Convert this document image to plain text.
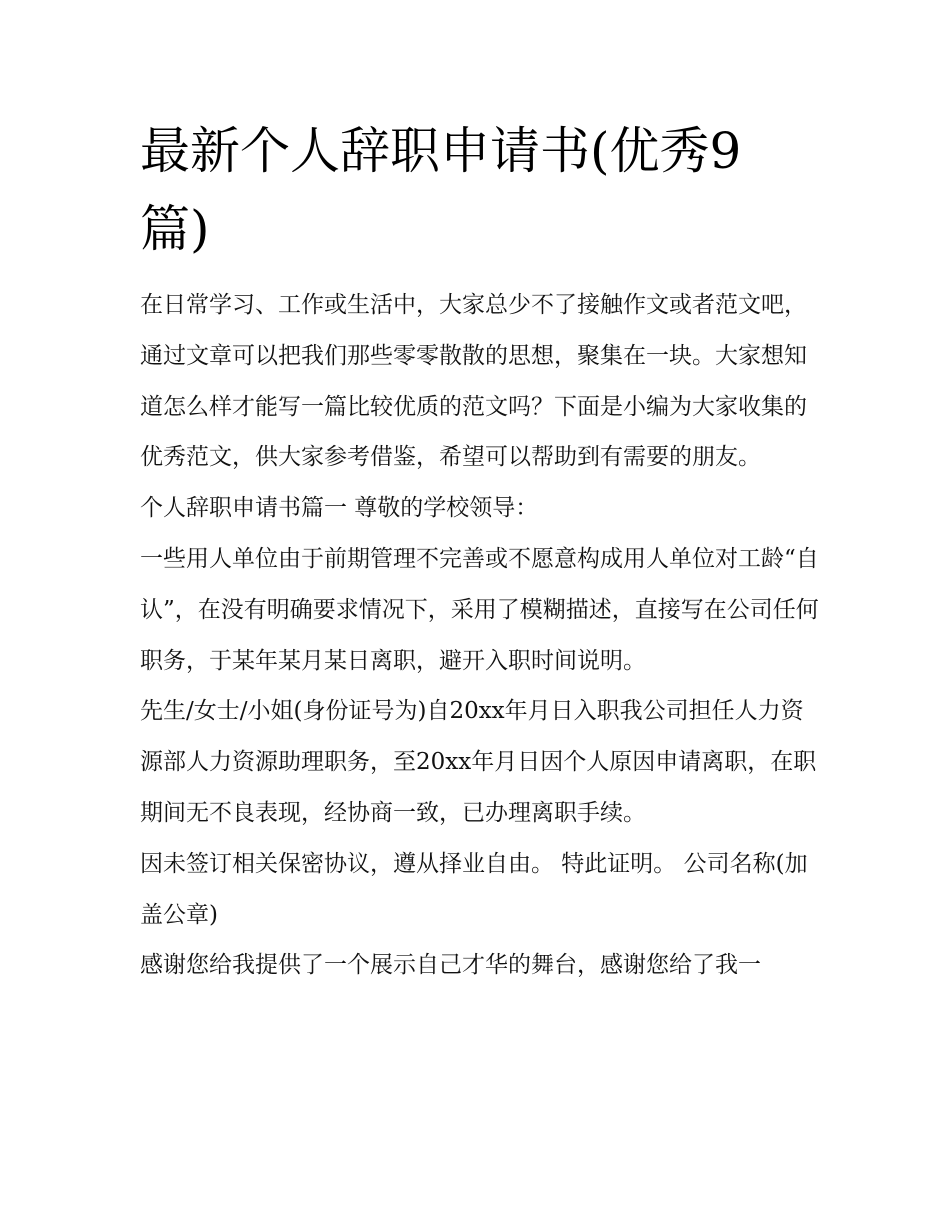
最新个人辞职申请书(优秀9篇)

在日常学习、工作或生活中，大家总少不了接触作文或者范文吧，通过文章可以把我们那些零零散散的思想，聚集在一块。大家想知道怎么样才能写一篇比较优质的范文吗？下面是小编为大家收集的优秀范文，供大家参考借鉴，希望可以帮助到有需要的朋友。

个人辞职申请书篇一 尊敬的学校领导：

一些用人单位由于前期管理不完善或不愿意构成用人单位对工龄“自认”，在没有明确要求情况下，采用了模糊描述，直接写在公司任何职务，于某年某月某日离职，避开入职时间说明。

先生/女士/小姐(身份证号为)自20xx年月日入职我公司担任人力资源部人力资源助理职务，至20xx年月日因个人原因申请离职，在职期间无不良表现，经协商一致，已办理离职手续。

因未签订相关保密协议，遵从择业自由。 特此证明。 公司名称(加盖公章)

感谢您给我提供了一个展示自己才华的舞台，感谢您给了我一
